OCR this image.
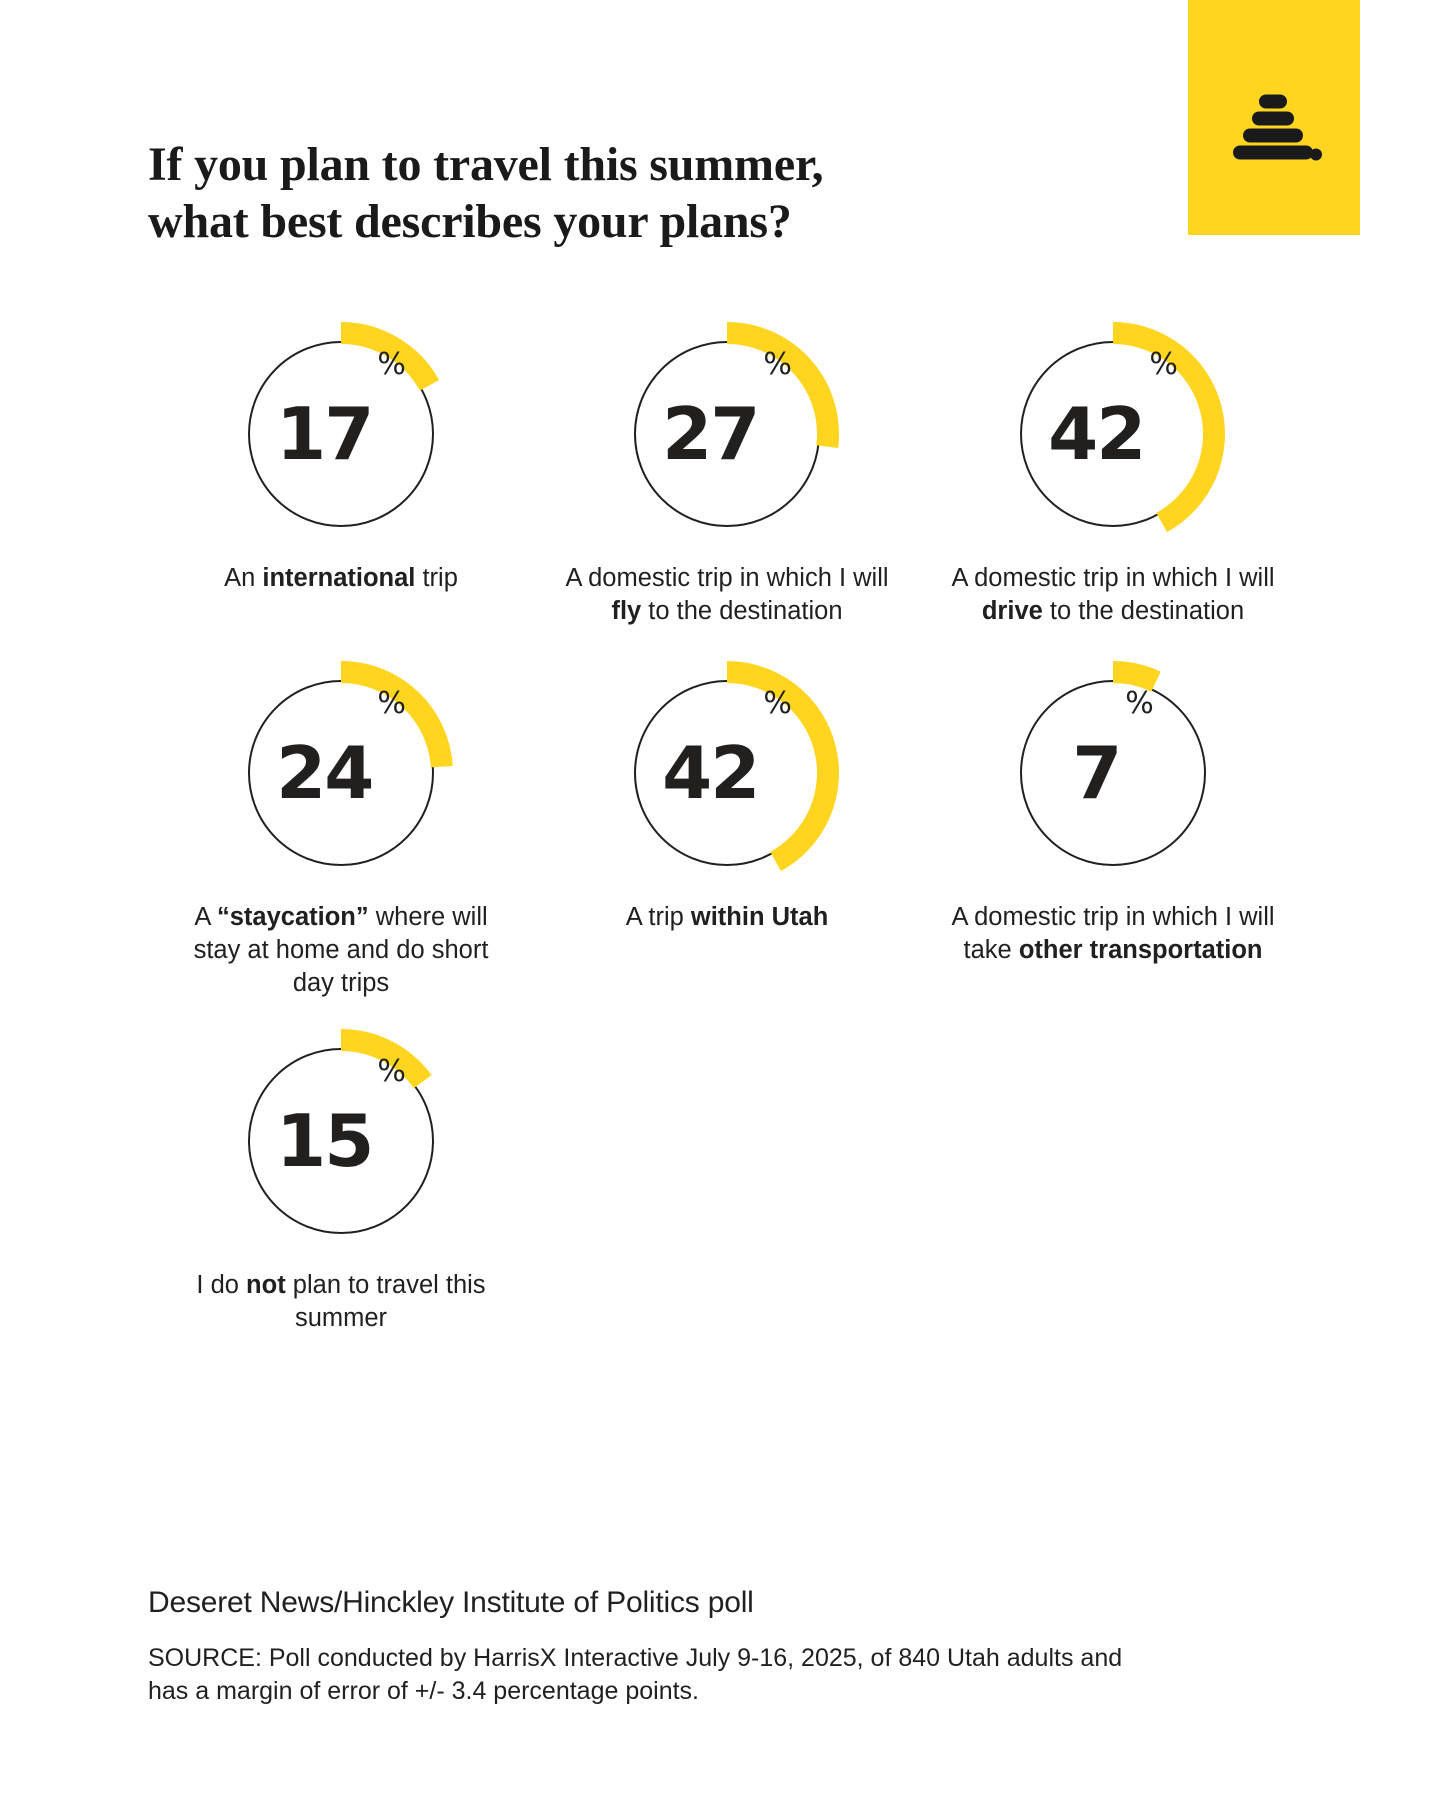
If you plan to travel this summer,
what best describes your plans?
17
%
An international trip
27
%
A domestic trip in which I will fly to the destination
42
%
A domestic trip in which I will drive to the destination
24
%
A “staycation” where will stay at home and do short day trips
42
%
A trip within Utah
7
%
A domestic trip in which I will take other transportation
15
%
I do not plan to travel this summer
Deseret News/Hinckley Institute of Politics poll
SOURCE: Poll conducted by HarrisX Interactive July 9-16, 2025, of 840 Utah adults and has a margin of error of +/- 3.4 percentage points.
